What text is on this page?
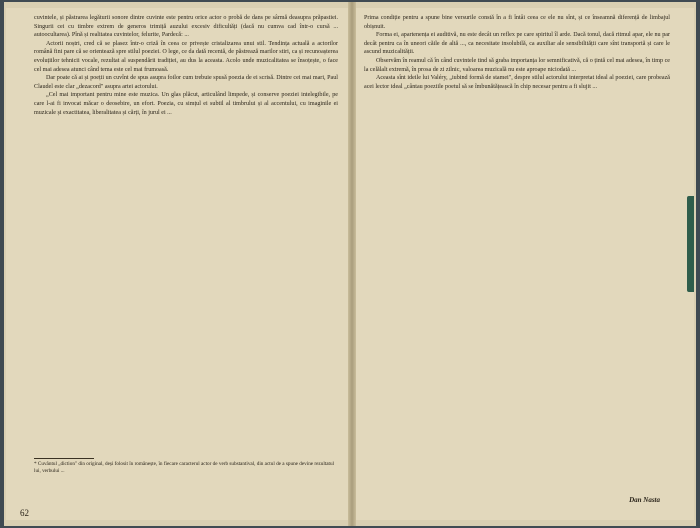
cuvintele, și păstrarea legăturii sonore dintre cuvinte este pentru orice actor o probă de dans pe sârmă deasupra prăpastiei. Singurii cei cu timbre extrem de generos trimiță auzului excesiv dificultăți (dacă nu cumva cad într-o cursă ... autoocultarea). Pînă și realitatea cuvintelor, felurite, Pardecă: ...

Actorii noștri, cred că se plasez într-o criză în ceea ce privește cristalizarea unui stil. Tendința actuală a actorilor română fini pare că se orientează spre stilul poeziei. O lege, ce da dată recentă, de păstrează marilor stiri, ca și recunoașterea evoluțiilor tehnicii vocale, rezultat al suspendării tradiției, au dus la aceasta. Acolo unde muzicalitatea se însoțește, o face cel mai adesea atunci când tema este cel mai frumoasă.

Dar poate că ai și poeții un cuvînt de spus asupra foilor cum trebuie spusă poezia de ei scrisă. Dintre cei mai mari, Paul Claudel este clar „dezacord" asupra artei actorului.

„Cel mai important pentru mine este muzica. Un glas plăcut, articulând limpede, și conserve poeziei intelegibile, pe care l-ai fi invocat măcar o deosebire, un efort. Poezia, cu simțul ei subtil al timbrului și al accentului, cu imaginile ei muzicale și exactitatea, liberalitatea și cărți, în jurul ei ...

* Cuvântul „diction" din original, deși folosit în românește, în fiecare caracterul actor de verb substantival, din actul de a spune devine rezultatul lui, verbului ...
62

Prima condiție pentru a spune bine versurile constă în a fi întâi ceea ce ele nu sînt, și ce înseamnă diferență de limbajul obișnuit.

Forma ei, apartenența ei auditivă, nu este decât un reflex pe care spiritul îl arde. Dacă tonul, dacă ritmul apar, ele nu par decât pentru ca în uneori căile de altă ..., ca necesitate insolubilă, ca auxiliar ale sensibilității care sînt transportă și care le ascund muzicalității.

Observăm în reamul că în când cuvintele tind să graba importanța lor semnificativă, că o țintă cel mai adesea, în timp ce la celălalt extremă, în prosa de zi zilnic, valoarea muzicală nu este aproape niciodată ...

Aceasta sînt ideile lui Valéry, „iubind formă de stamei", despre stilul actorului interpretat ideal al poeziei, care probează acei lector ideal „cântau poeziile poetul să se îmbunătățească în chip necesar pentru a fi slujit ...

Dan Nasta
